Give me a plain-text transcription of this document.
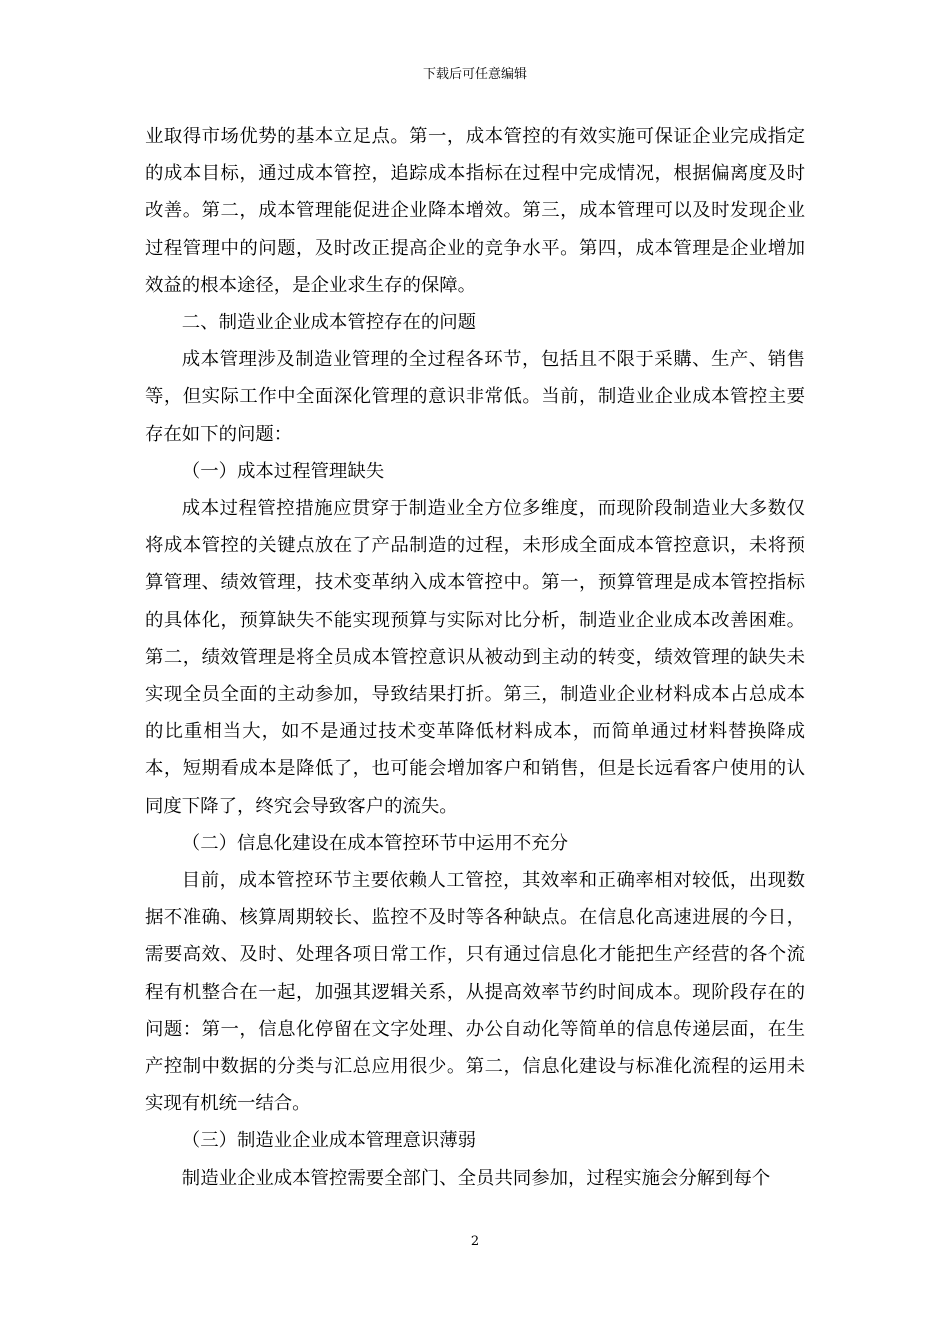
下载后可任意编辑

业取得市场优势的基本立足点。第一，成本管控的有效实施可保证企业完成指定的成本目标，通过成本管控，追踪成本指标在过程中完成情况，根据偏离度及时改善。第二，成本管理能促进企业降本增效。第三，成本管理可以及时发现企业过程管理中的问题，及时改正提高企业的竞争水平。第四，成本管理是企业增加效益的根本途径，是企业求生存的保障。

二、制造业企业成本管控存在的问题

成本管理涉及制造业管理的全过程各环节，包括且不限于采購、生产、销售等，但实际工作中全面深化管理的意识非常低。当前，制造业企业成本管控主要存在如下的问题：

（一）成本过程管理缺失

成本过程管控措施应贯穿于制造业全方位多维度，而现阶段制造业大多数仅将成本管控的关键点放在了产品制造的过程，未形成全面成本管控意识，未将预算管理、绩效管理，技术变革纳入成本管控中。第一，预算管理是成本管控指标的具体化，预算缺失不能实现预算与实际对比分析，制造业企业成本改善困难。第二，绩效管理是将全员成本管控意识从被动到主动的转变，绩效管理的缺失未实现全员全面的主动参加，导致结果打折。第三，制造业企业材料成本占总成本的比重相当大，如不是通过技术变革降低材料成本，而简单通过材料替换降成本，短期看成本是降低了，也可能会增加客户和销售，但是长远看客户使用的认同度下降了，终究会导致客户的流失。

（二）信息化建设在成本管控环节中运用不充分

目前，成本管控环节主要依赖人工管控，其效率和正确率相对较低，出现数据不准确、核算周期较长、监控不及时等各种缺点。在信息化高速进展的今日，需要高效、及时、处理各项日常工作，只有通过信息化才能把生产经营的各个流程有机整合在一起，加强其逻辑关系，从提高效率节约时间成本。现阶段存在的问题：第一，信息化停留在文字处理、办公自动化等简单的信息传递层面，在生产控制中数据的分类与汇总应用很少。第二，信息化建设与标准化流程的运用未实现有机统一结合。

（三）制造业企业成本管理意识薄弱

制造业企业成本管控需要全部门、全员共同参加，过程实施会分解到每个

2
